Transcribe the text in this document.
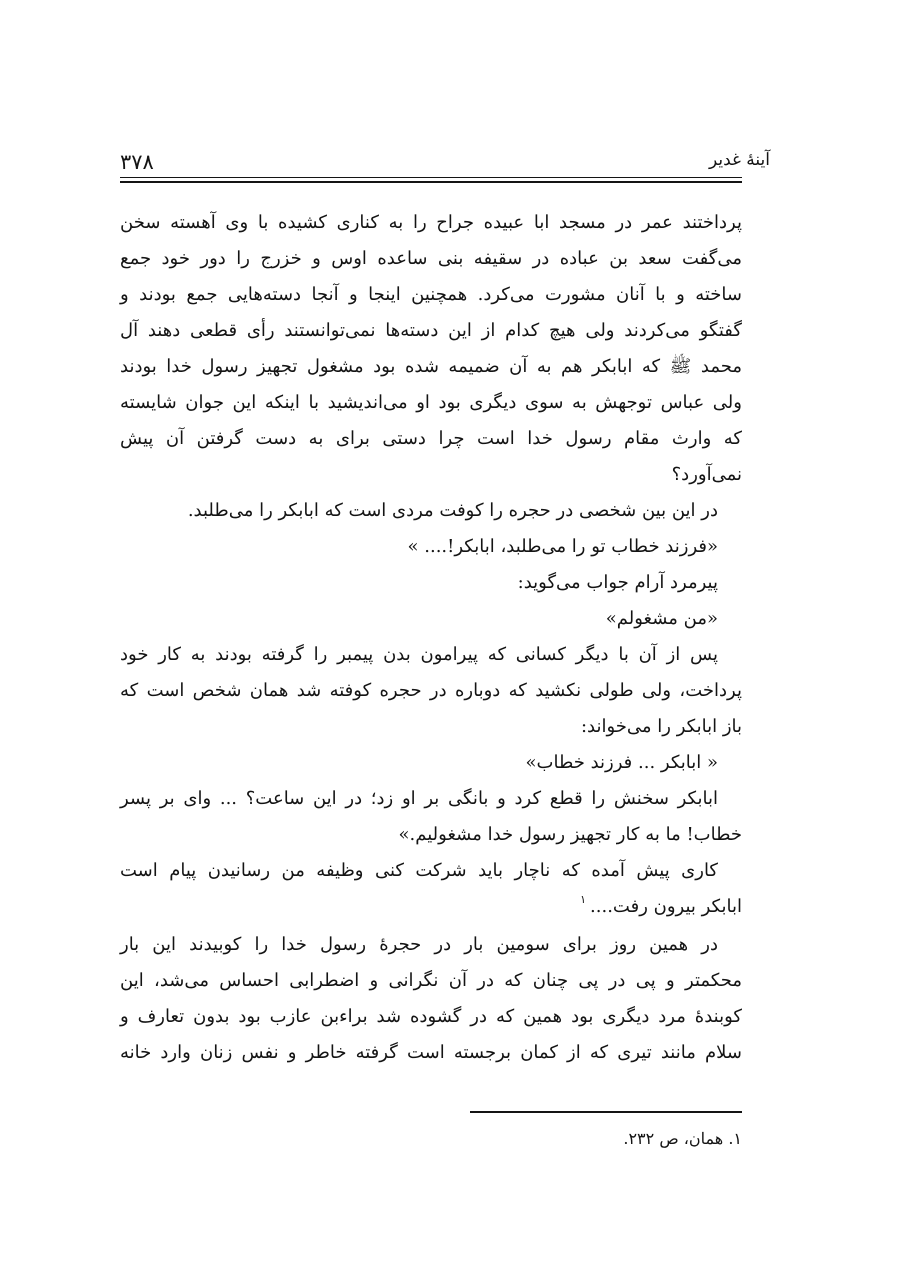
۳۷۸	آینهٔ غدیر
پرداختند عمر در مسجد ابا عبیده جراح را به کناری کشیده با وی آهسته سخن
می‌گفت سعد بن عباده در سقیفه بنی ساعده اوس و خزرج را دور خود جمع
ساخته و با آنان مشورت می‌کرد. همچنین اینجا و آنجا دسته‌هایی جمع بودند و
گفتگو می‌کردند ولی هیچ کدام از این دسته‌ها نمی‌توانستند رأی قطعی دهند آل
محمد ﷺ که ابابکر هم به آن ضمیمه شده بود مشغول تجهیز رسول خدا بودند
ولی عباس توجهش به سوی دیگری بود او می‌اندیشید با اینکه این جوان شایسته
که وارث مقام رسول خدا است چرا دستی برای به دست گرفتن آن پیش
نمی‌آورد؟
در این بین شخصی در حجره را کوفت مردی است که ابابکر را می‌طلبد.
«فرزند خطاب تو را می‌طلبد، ابابکر!.... »
پیرمرد آرام جواب می‌گوید:
«من مشغولم»
پس از آن با دیگر کسانی که پیرامون بدن پیمبر را گرفته بودند به کار خود
پرداخت، ولی طولی نکشید که دوباره در حجره کوفته شد همان شخص است که
باز ابابکر را می‌خواند:
« ابابکر ... فرزند خطاب»
ابابکر سخنش را قطع کرد و بانگی بر او زد؛ در این ساعت؟ ... وای بر پسر
خطاب! ما به کار تجهیز رسول خدا مشغولیم.»
کاری پیش آمده که ناچار باید شرکت کنی وظیفه من رسانیدن پیام است
ابابکر بیرون رفت....$^۱$
در همین روز برای سومین بار در حجرهٔ رسول خدا را کوبیدند این بار
محکمتر و پی در پی چنان که در آن نگرانی و اضطرابی احساس می‌شد، این
کوبندهٔ مرد دیگری بود همین که در گشوده شد براءبن عازب بود بدون تعارف و
سلام مانند تیری که از کمان برجسته است گرفته خاطر و نفس زنان وارد خانه
۱. همان، ص ۲۳۲.
